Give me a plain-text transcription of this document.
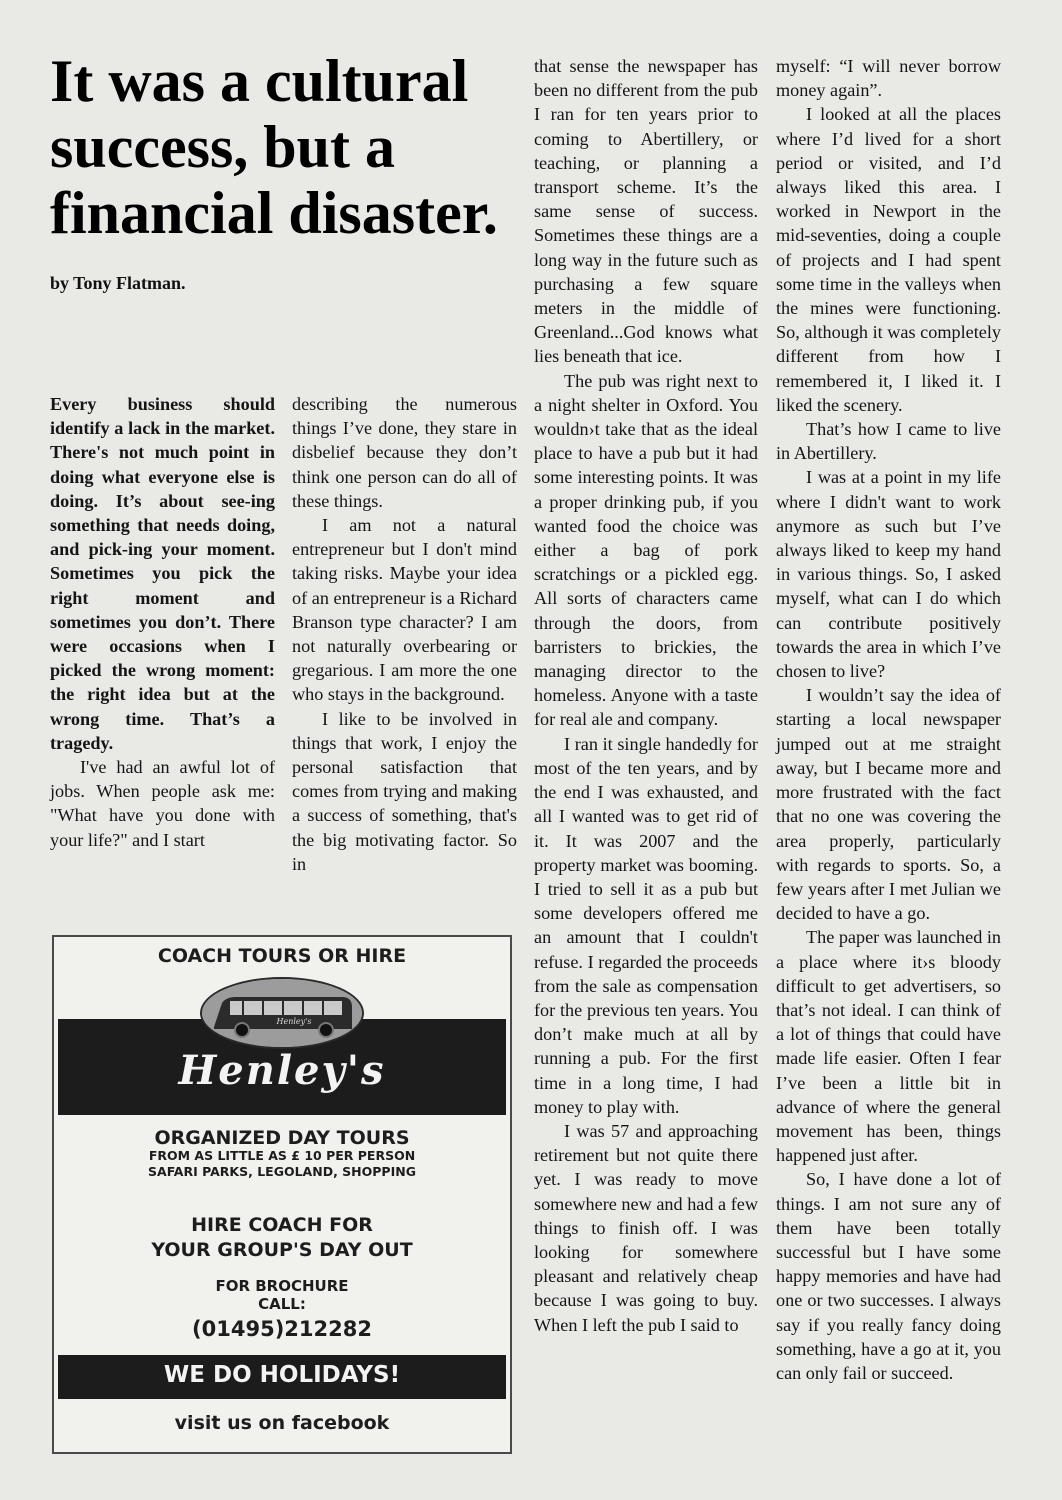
It was a cultural success, but a financial disaster.
by Tony Flatman.

Every business should identify a lack in the market. There's not much point in doing what everyone else is doing. It’s about see-ing something that needs doing, and pick-ing your moment. Sometimes you pick the right moment and sometimes you don’t. There were occasions when I picked the wrong moment: the right idea but at the wrong time. That’s a tragedy.

I've had an awful lot of jobs. When people ask me: "What have you done with your life?" and I start

describing the numerous things I’ve done, they stare in disbelief because they don’t think one person can do all of these things.

I am not a natural entrepreneur but I don't mind taking risks. Maybe your idea of an entrepreneur is a Richard Branson type character? I am not naturally overbearing or gregarious. I am more the one who stays in the background.

I like to be involved in things that work, I enjoy the personal satisfaction that comes from trying and making a success of something, that's the big motivating factor. So in

that sense the newspaper has been no different from the pub I ran for ten years prior to coming to Abertillery, or teaching, or planning a transport scheme. It’s the same sense of success. Sometimes these things are a long way in the future such as purchasing a few square meters in the middle of Greenland...God knows what lies beneath that ice.

The pub was right next to a night shelter in Oxford. You wouldn›t take that as the ideal place to have a pub but it had some interesting points. It was a proper drinking pub, if you wanted food the choice was either a bag of pork scratchings or a pickled egg. All sorts of characters came through the doors, from barristers to brickies, the managing director to the homeless. Anyone with a taste for real ale and company.

I ran it single handedly for most of the ten years, and by the end I was exhausted, and all I wanted was to get rid of it. It was 2007 and the property market was booming. I tried to sell it as a pub but some developers offered me an amount that I couldn't refuse. I regarded the proceeds from the sale as compensation for the previous ten years. You don’t make much at all by running a pub. For the first time in a long time, I had money to play with.

I was 57 and approaching retirement but not quite there yet. I was ready to move somewhere new and had a few things to finish off. I was looking for somewhere pleasant and relatively cheap because I was going to buy. When I left the pub I said to

myself: “I will never borrow money again”.

I looked at all the places where I’d lived for a short period or visited, and I’d always liked this area. I worked in Newport in the mid-seventies, doing a couple of projects and I had spent some time in the valleys when the mines were functioning. So, although it was completely different from how I remembered it, I liked it. I liked the scenery.

That’s how I came to live in Abertillery.

I was at a point in my life where I didn't want to work anymore as such but I’ve always liked to keep my hand in various things. So, I asked myself, what can I do which can contribute positively towards the area in which I’ve chosen to live?

I wouldn’t say the idea of starting a local newspaper jumped out at me straight away, but I became more and more frustrated with the fact that no one was covering the area properly, particularly with regards to sports. So, a few years after I met Julian we decided to have a go.

The paper was launched in a place where it›s bloody difficult to get advertisers, so that’s not ideal. I can think of a lot of things that could have made life easier. Often I fear I’ve been a little bit in advance of where the general movement has been, things happened just after.

So, I have done a lot of things. I am not sure any of them have been totally successful but I have some happy memories and have had one or two successes. I always say if you really fancy doing something, have a go at it, you can only fail or succeed.

COACH TOURS OR HIRE
Henley's
Henley's
ORGANIZED DAY TOURS
FROM AS LITTLE AS £ 10 PER PERSON
SAFARI PARKS, LEGOLAND, SHOPPING
HIRE COACH FOR
YOUR GROUP'S DAY OUT
FOR BROCHURE
CALL:
(01495)212282
WE DO HOLIDAYS!
visit us on facebook
